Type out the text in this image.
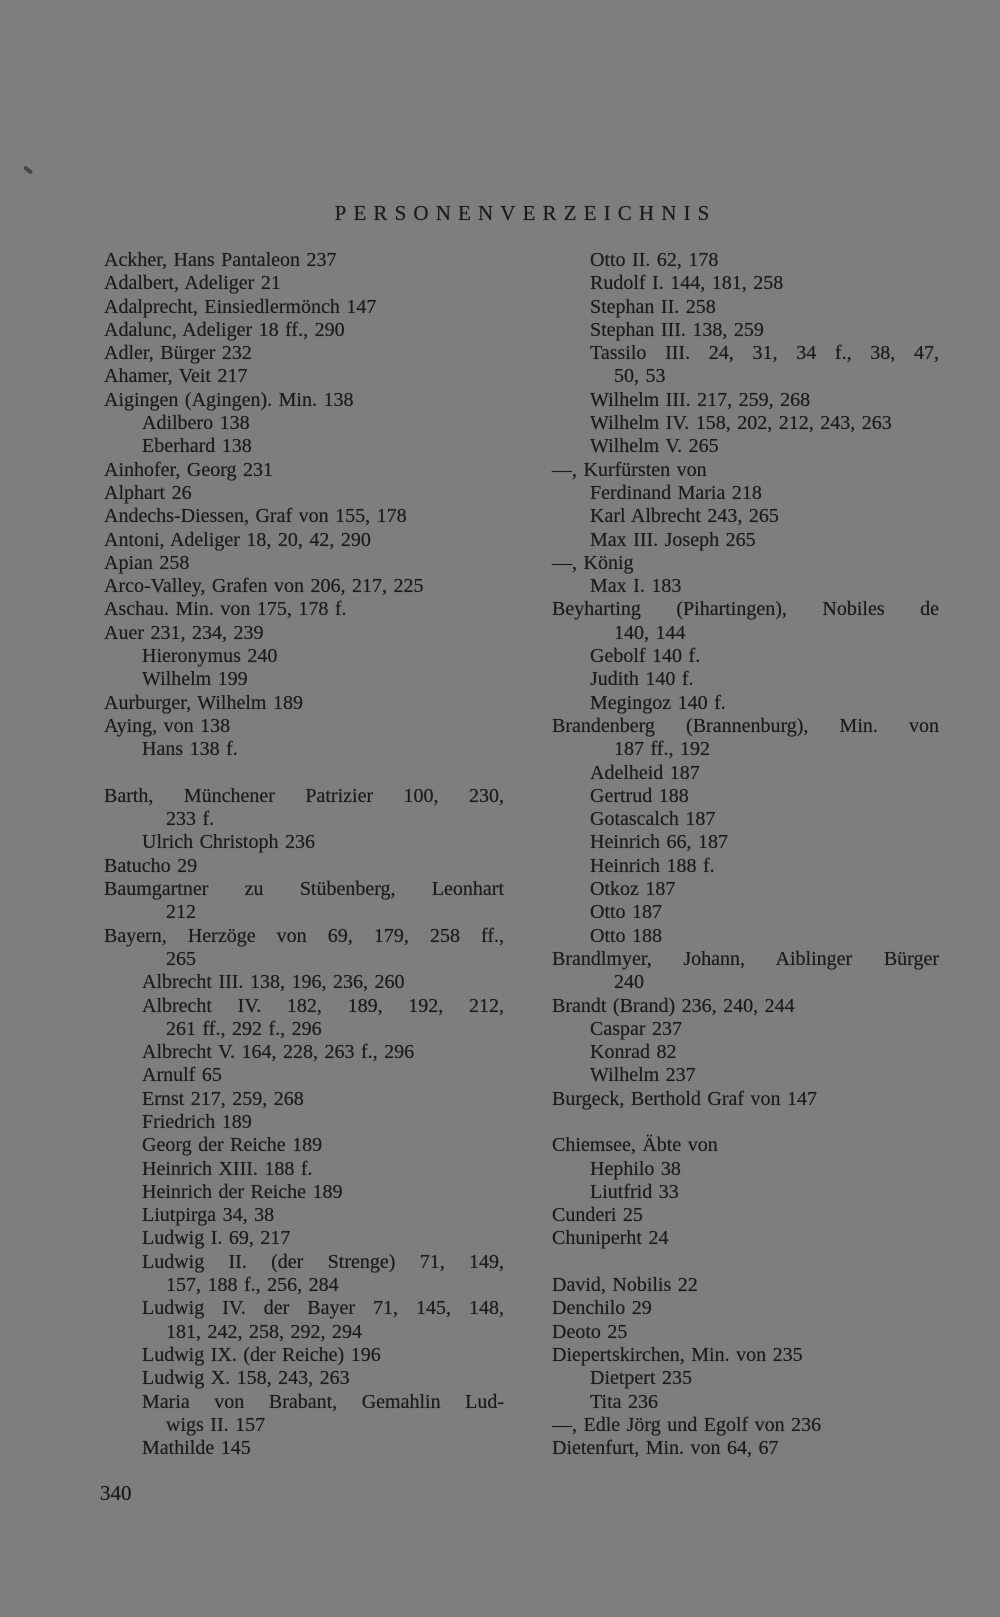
PERSONENVERZEICHNIS
Ackher, Hans Pantaleon 237
Adalbert, Adeliger 21
Adalprecht, Einsiedlermönch 147
Adalunc, Adeliger 18 ff., 290
Adler, Bürger 232
Ahamer, Veit 217
Aigingen (Agingen). Min. 138
Adilbero 138
Eberhard 138
Ainhofer, Georg 231
Alphart 26
Andechs-Diessen, Graf von 155, 178
Antoni, Adeliger 18, 20, 42, 290
Apian 258
Arco-Valley, Grafen von 206, 217, 225
Aschau. Min. von 175, 178 f.
Auer 231, 234, 239
Hieronymus 240
Wilhelm 199
Aurburger, Wilhelm 189
Aying, von 138
Hans 138 f.
Barth, Münchener Patrizier 100, 230,
233 f.
Ulrich Christoph 236
Batucho 29
Baumgartner zu Stübenberg, Leonhart
212
Bayern, Herzöge von 69, 179, 258 ff.,
265
Albrecht III. 138, 196, 236, 260
Albrecht IV. 182, 189, 192, 212,
261 ff., 292 f., 296
Albrecht V. 164, 228, 263 f., 296
Arnulf 65
Ernst 217, 259, 268
Friedrich 189
Georg der Reiche 189
Heinrich XIII. 188 f.
Heinrich der Reiche 189
Liutpirga 34, 38
Ludwig I. 69, 217
Ludwig II. (der Strenge) 71, 149,
157, 188 f., 256, 284
Ludwig IV. der Bayer 71, 145, 148,
181, 242, 258, 292, 294
Ludwig IX. (der Reiche) 196
Ludwig X. 158, 243, 263
Maria von Brabant, Gemahlin Lud-
wigs II. 157
Mathilde 145
Otto II. 62, 178
Rudolf I. 144, 181, 258
Stephan II. 258
Stephan III. 138, 259
Tassilo III. 24, 31, 34 f., 38, 47,
50, 53
Wilhelm III. 217, 259, 268
Wilhelm IV. 158, 202, 212, 243, 263
Wilhelm V. 265
—, Kurfürsten von
Ferdinand Maria 218
Karl Albrecht 243, 265
Max III. Joseph 265
—, König
Max I. 183
Beyharting (Pihartingen), Nobiles de
140, 144
Gebolf 140 f.
Judith 140 f.
Megingoz 140 f.
Brandenberg (Brannenburg), Min. von
187 ff., 192
Adelheid 187
Gertrud 188
Gotascalch 187
Heinrich 66, 187
Heinrich 188 f.
Otkoz 187
Otto 187
Otto 188
Brandlmyer, Johann, Aiblinger Bürger
240
Brandt (Brand) 236, 240, 244
Caspar 237
Konrad 82
Wilhelm 237
Burgeck, Berthold Graf von 147
Chiemsee, Äbte von
Hephilo 38
Liutfrid 33
Cunderi 25
Chuniperht 24
David, Nobilis 22
Denchilo 29
Deoto 25
Diepertskirchen, Min. von 235
Dietpert 235
Tita 236
—, Edle Jörg und Egolf von 236
Dietenfurt, Min. von 64, 67
340
